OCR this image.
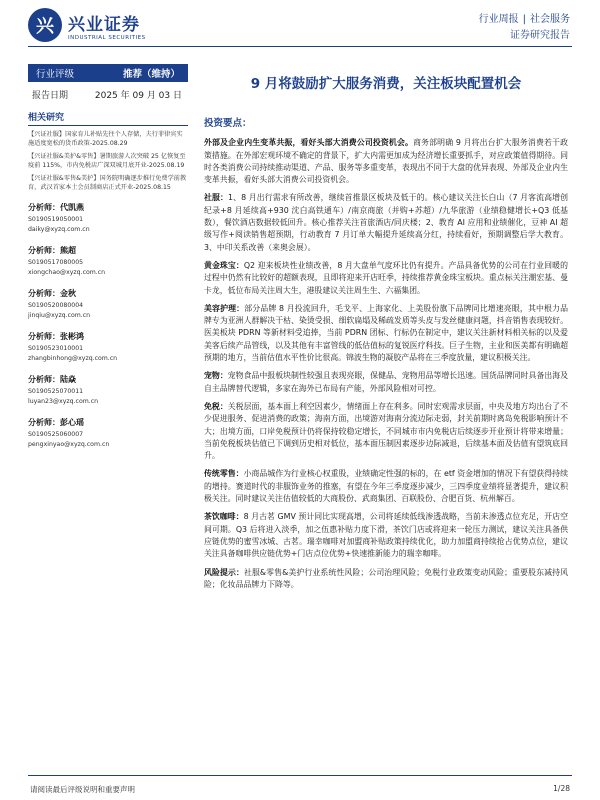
兴 兴业证券
INDUSTRIAL SECURITIES
行业周报 | 社会服务
证券研究报告
行业评级	推荐（维持）
报告日期	2025 年 09 月 03 日
相关研究
【兴证社服】国家育儿补贴先往个人存储，夫行菲律宾实施适度宽松的货币政策-2025.08.29
【兴证社服&美护&零售】暑期旅游人次突破 25 亿恢复至疫前 115%，市内免税店广深双城月底开业-2025.08.19
【兴证社服&零售&美护】国务院明确逐步推行免费学前教育，武汉首家本土会员制商店正式开业-2025.08.15
分析师：代凯燕
S0190519050001
daiky@xyzq.com.cn
分析师：熊超
S0190517080005
xiongchao@xyzq.com.cn
分析师：金秋
S0190520080004
jinqiu@xyzq.com.cn
分析师：张彬鸿
S0190523010001
zhangbinhong@xyzq.com.cn
分析师：陆焱
S0190525070011
luyan23@xyzq.com.cn
分析师：彭心瑶
S0190525060007
pengxinyao@xyzq.com.cn
9 月将鼓励扩大服务消费，关注板块配置机会
投资要点：
外部及企业内生变革共振，看好头部大消费公司投资机会。商务部明确 9 月将出台扩大服务消费若干政策措施。在外部宏观环境不确定的背景下，扩大内需更加成为经济增长重要抓手，对应政策值得期待。同时各类消费公司持续推动渠道、产品、服务等多重变革，表现出不同于大盘的优异表现、外部及企业内生变革共振，看好头部大消费公司投资机会。
社服：1、8 月出行需求有所改善，继续首推景区板块及低于的。核心建议关注长白山（7 月客流高增创纪录+8 月延续高+930 沈白高铁通车）/南京商旅（并购+苏超）/九华旅游（业绩稳健增长+Q3 低基数），餐饮酒店数据较低回升。核心推荐关注首旅酒店/同庆楼；2、教育 AI 应用和业绩催化，豆神 AI 超级写作+阅读销售超预期，行动教育 7 月订单大幅提升延续高分红，持续看好，预期调整后学大教育。3、中印关系改善（来奥会展）。
黄金珠宝：Q2 迎来板块性业绩改善，8 月大盘单气度环比仍有提升。产品具备优势的公司在行业回暖的过程中仍然有比较好的超额表现，且即将迎来开店旺季，持续推荐黄金珠宝板块。重点标关注潮宏基、曼卡龙，低位布局关注周大生，港股建议关注周生生、六福集团。
美容护理：部分品牌 8 月投流回升，毛戈平、上海家化、上美股份旗下品牌同比增速亮眼，其中根力品牌专为亚洲人群解决干枯、染烫受损、细软扁塌及稀疏发质等头皮与发丝健康问题，抖音销售表现较好。医美板块 PDRN 等新材料受追捧，当前 PDRN 团标、行标仍在制定中，建议关注新材料相关标的以及爱美客后续产品管线，以及其他有丰富管线的低估值标的复锐医疗科技。巨子生物，主业和医美都有明确超预期的地方，当前估值水平性价比很高。锦波生物的凝胶产品将在三季度放量，建议积极关注。
宠物：宠物食品中报板块制性较强且表现亮眼，保健品、宠物用品等增长迅速。国货品牌同时具备出海及自主品牌替代逻辑，多家在海外已布局有产能，外部风险相对可控。
免税：关税层面，基本面上利空因素少，情绪面上存在利多。同时宏观需求层面，中央及地方均出台了不少促进服务、促进消费的政策；海南方面，出境游对海南分流边际走弱，封关前期时离岛免税影响预计不大；出境方面，口岸免税预计仍将保持较稳定增长，不同城市市内免税店后续逐步开业预计将带来增量；当前免税板块估值已下调到历史相对低位，基本面压制因素逐步边际减退，后续基本面及估值有望筑底回升。
传统零售：小商品城作为行业核心权重股，业绩确定性强的标的，在 etf 资金增加的情况下有望获得持续的增持。赛道时代的非服饰业务的推塞，有望在今年三季度逐步减少，三四季度业绩将显著提升，建议积极关注。同时建议关注估值较低的大商股份、武商集团、百联股份、合肥百货、杭州解百。
茶饮咖啡：8 月古茗 GMV 预计同比实现高增，公司将延续低线渗透战略，当前未渗透点位充足，开店空间可期。Q3 后将进入淡季，加之伍惠补贴力度下滑，茶饮门店或将迎来一轮压力测试，建议关注具备供应链优势的蜜雪冰城、古茗。瑞幸咖啡对加盟商补贴政策持续优化，助力加盟商持续抢占优势点位，建议关注具备咖啡供应链优势+门店点位优势+快速推新能力的瑞幸咖啡。
风险提示：社服&零售&美护行业系统性风险；公司治理风险；免税行业政策变动风险；重要股东减持风险；化妆品品牌力下降等。
请阅读最后评级说明和重要声明	1/28
